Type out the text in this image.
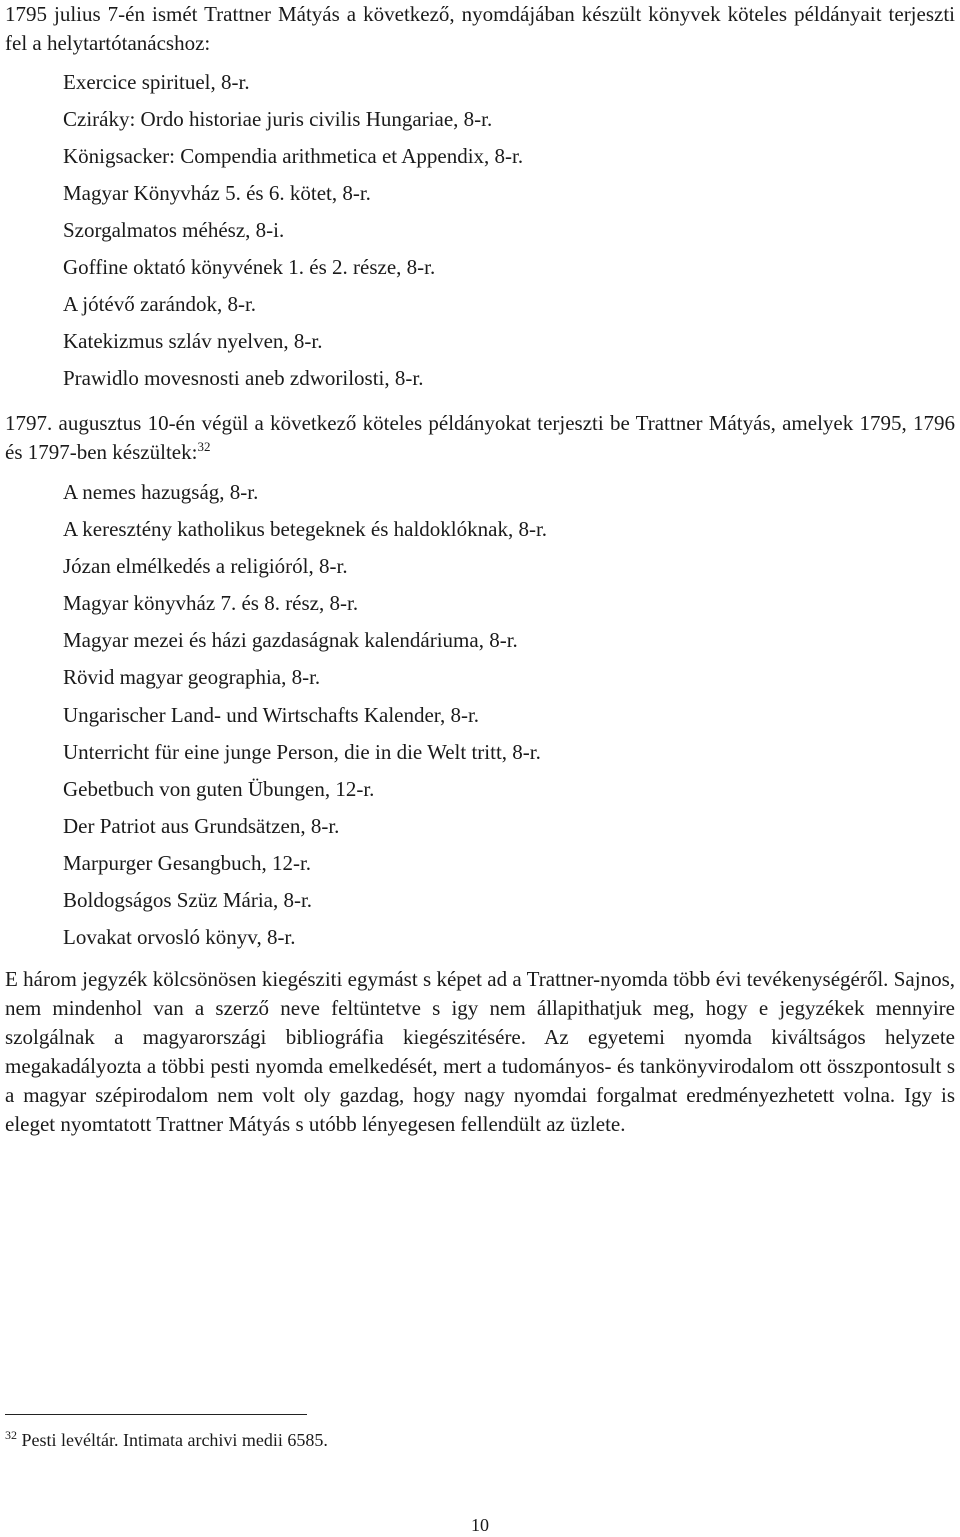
1795 julius 7-én ismét Trattner Mátyás a következő, nyomdájában készült könyvek köteles példányait terjeszti fel a helytartótanácshoz:

Exercice spirituel, 8-r.
Cziráky: Ordo historiae juris civilis Hungariae, 8-r.
Königsacker: Compendia arithmetica et Appendix, 8-r.
Magyar Könyvház 5. és 6. kötet, 8-r.
Szorgalmatos méhész, 8-i.
Goffine oktató könyvének 1. és 2. része, 8-r.
A jótévő zarándok, 8-r.
Katekizmus szláv nyelven, 8-r.
Prawidlo movesnosti aneb zdworilosti, 8-r.

1797. augusztus 10-én végül a következő köteles példányokat terjeszti be Trattner Mátyás, amelyek 1795, 1796 és 1797-ben készültek:$^{32}$

A nemes hazugság, 8-r.
A keresztény katholikus betegeknek és haldoklóknak, 8-r.
Józan elmélkedés a religióról, 8-r.
Magyar könyvház 7. és 8. rész, 8-r.
Magyar mezei és házi gazdaságnak kalendáriuma, 8-r.
Rövid magyar geographia, 8-r.
Ungarischer Land- und Wirtschafts Kalender, 8-r.
Unterricht für eine junge Person, die in die Welt tritt, 8-r.
Gebetbuch von guten Übungen, 12-r.
Der Patriot aus Grundsätzen, 8-r.
Marpurger Gesangbuch, 12-r.
Boldogságos Szüz Mária, 8-r.
Lovakat orvosló könyv, 8-r.

E három jegyzék kölcsönösen kiegésziti egymást s képet ad a Trattner-nyomda több évi tevékenységéről. Sajnos, nem mindenhol van a szerző neve feltüntetve s igy nem állapithatjuk meg, hogy e jegyzékek mennyire szolgálnak a magyarországi bibliográfia kiegészitésére. Az egyetemi nyomda kiváltságos helyzete megakadályozta a többi pesti nyomda emelkedését, mert a tudományos- és tankönyvirodalom ott összpontosult s a magyar szépirodalom nem volt oly gazdag, hogy nagy nyomdai forgalmat eredményezhetett volna. Igy is eleget nyomtatott Trattner Mátyás s utóbb lényegesen fellendült az üzlete.

$^{32}$ Pesti levéltár. Intimata archivi medii 6585.
10
